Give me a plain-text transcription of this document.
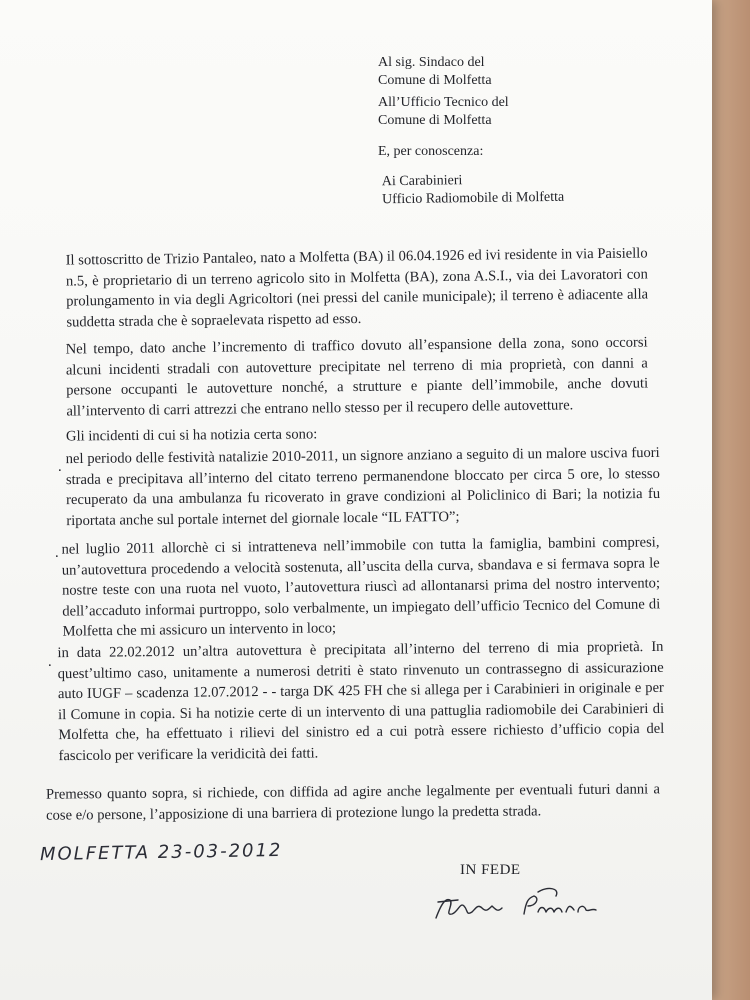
Al sig. Sindaco del
Comune di Molfetta
All’Ufficio Tecnico del
Comune di Molfetta
E, per conoscenza:
Ai Carabinieri
Ufficio Radiomobile di Molfetta

Il sottoscritto de Trizio Pantaleo, nato a Molfetta (BA) il 06.04.1926 ed ivi residente in via Paisiello n.5, è proprietario di un terreno agricolo sito in Molfetta (BA), zona A.S.I., via dei Lavoratori con prolungamento in via degli Agricoltori (nei pressi del canile municipale); il terreno è adiacente alla suddetta strada che è sopraelevata rispetto ad esso.

Nel tempo, dato anche l’incremento di traffico dovuto all’espansione della zona, sono occorsi alcuni incidenti stradali con autovetture precipitate nel terreno di mia proprietà, con danni a persone occupanti le autovetture nonché, a strutture e piante dell’immobile, anche dovuti all’intervento di carri attrezzi che entrano nello stesso per il recupero delle autovetture.

Gli incidenti di cui si ha notizia certa sono:

. nel periodo delle festività natalizie 2010-2011, un signore anziano a seguito di un malore usciva fuori strada e precipitava all’interno del citato terreno permanendone bloccato per circa 5 ore, lo stesso recuperato da una ambulanza fu ricoverato in grave condizioni al Policlinico di Bari; la notizia fu riportata anche sul portale internet del giornale locale “IL FATTO”;

. nel luglio 2011 allorchè ci si intratteneva nell’immobile con tutta la famiglia, bambini compresi, un’autovettura procedendo a velocità sostenuta, all’uscita della curva, sbandava e si fermava sopra le nostre teste con una ruota nel vuoto, l’autovettura riuscì ad allontanarsi prima del nostro intervento; dell’accaduto informai purtroppo, solo verbalmente, un impiegato dell’ufficio Tecnico del Comune di Molfetta che mi assicuro un intervento in loco;

.

in data 22.02.2012 un’altra autovettura è precipitata all’interno del terreno di mia proprietà. In quest’ultimo caso, unitamente a numerosi detriti è stato rinvenuto un contrassegno di assicurazione auto IUGF – scadenza 12.07.2012 - - targa DK 425 FH che si allega per i Carabinieri in originale e per il Comune in copia. Si ha notizie certe di un intervento di una pattuglia radiomobile dei Carabinieri di Molfetta che, ha effettuato i rilievi del sinistro ed a cui potrà essere richiesto d’ufficio copia del fascicolo per verificare la veridicità dei fatti.

Premesso quanto sopra, si richiede, con diffida ad agire anche legalmente per eventuali futuri danni a cose e/o persone, l’apposizione di una barriera di protezione lungo la predetta strada.

MOLFETTA 23-03-2012
IN FEDE
